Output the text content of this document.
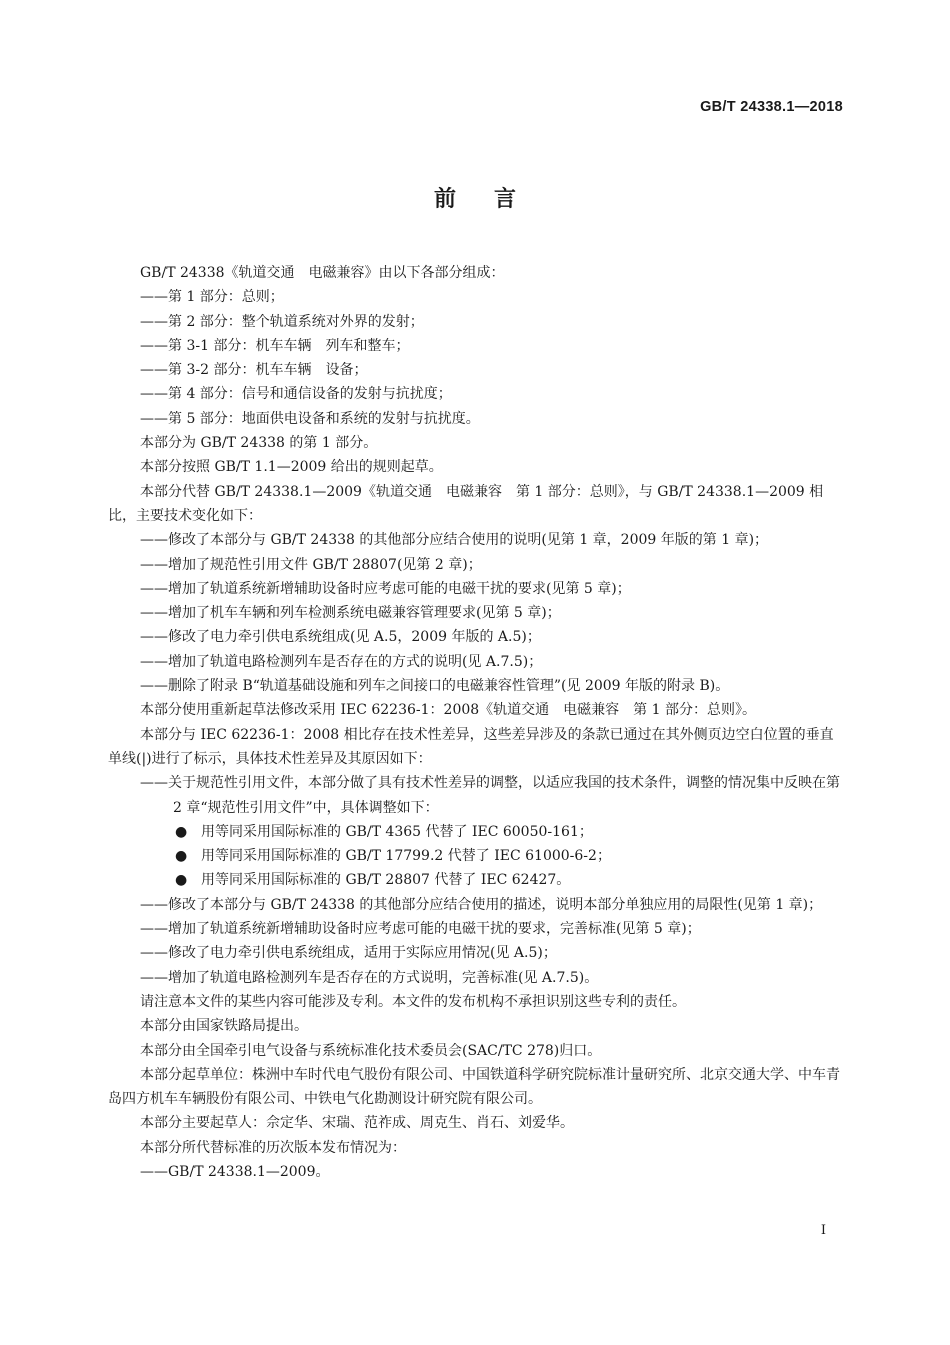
GB/T 24338.1—2018
前言

GB/T 24338《轨道交通　电磁兼容》由以下各部分组成：

——第 1 部分：总则；

——第 2 部分：整个轨道系统对外界的发射；

——第 3-1 部分：机车车辆　列车和整车；

——第 3-2 部分：机车车辆　设备；

——第 4 部分：信号和通信设备的发射与抗扰度；

——第 5 部分：地面供电设备和系统的发射与抗扰度。

本部分为 GB/T 24338 的第 1 部分。

本部分按照 GB/T 1.1—2009 给出的规则起草。

本部分代替 GB/T 24338.1—2009《轨道交通　电磁兼容　第 1 部分：总则》，与 GB/T 24338.1—2009 相比，主要技术变化如下：

——修改了本部分与 GB/T 24338 的其他部分应结合使用的说明(见第 1 章，2009 年版的第 1 章)；

——增加了规范性引用文件 GB/T 28807(见第 2 章)；

——增加了轨道系统新增辅助设备时应考虑可能的电磁干扰的要求(见第 5 章)；

——增加了机车车辆和列车检测系统电磁兼容管理要求(见第 5 章)；

——修改了电力牵引供电系统组成(见 A.5，2009 年版的 A.5)；

——增加了轨道电路检测列车是否存在的方式的说明(见 A.7.5)；

——删除了附录 B“轨道基础设施和列车之间接口的电磁兼容性管理”(见 2009 年版的附录 B)。

本部分使用重新起草法修改采用 IEC 62236-1：2008《轨道交通　电磁兼容　第 1 部分：总则》。

本部分与 IEC 62236-1：2008 相比存在技术性差异，这些差异涉及的条款已通过在其外侧页边空白位置的垂直单线(|)进行了标示，具体技术性差异及其原因如下：

——关于规范性引用文件，本部分做了具有技术性差异的调整，以适应我国的技术条件，调整的情况集中反映在第 2 章“规范性引用文件”中，具体调整如下：

● 用等同采用国际标准的 GB/T 4365 代替了 IEC 60050-161；

● 用等同采用国际标准的 GB/T 17799.2 代替了 IEC 61000-6-2；

● 用等同采用国际标准的 GB/T 28807 代替了 IEC 62427。

——修改了本部分与 GB/T 24338 的其他部分应结合使用的描述，说明本部分单独应用的局限性(见第 1 章)；

——增加了轨道系统新增辅助设备时应考虑可能的电磁干扰的要求，完善标准(见第 5 章)；

——修改了电力牵引供电系统组成，适用于实际应用情况(见 A.5)；

——增加了轨道电路检测列车是否存在的方式说明，完善标准(见 A.7.5)。

请注意本文件的某些内容可能涉及专利。本文件的发布机构不承担识别这些专利的责任。

本部分由国家铁路局提出。

本部分由全国牵引电气设备与系统标准化技术委员会(SAC/TC 278)归口。

本部分起草单位：株洲中车时代电气股份有限公司、中国铁道科学研究院标准计量研究所、北京交通大学、中车青岛四方机车车辆股份有限公司、中铁电气化勘测设计研究院有限公司。

本部分主要起草人：佘定华、宋瑞、范祚成、周克生、肖石、刘爱华。

本部分所代替标准的历次版本发布情况为：

——GB/T 24338.1—2009。

I
